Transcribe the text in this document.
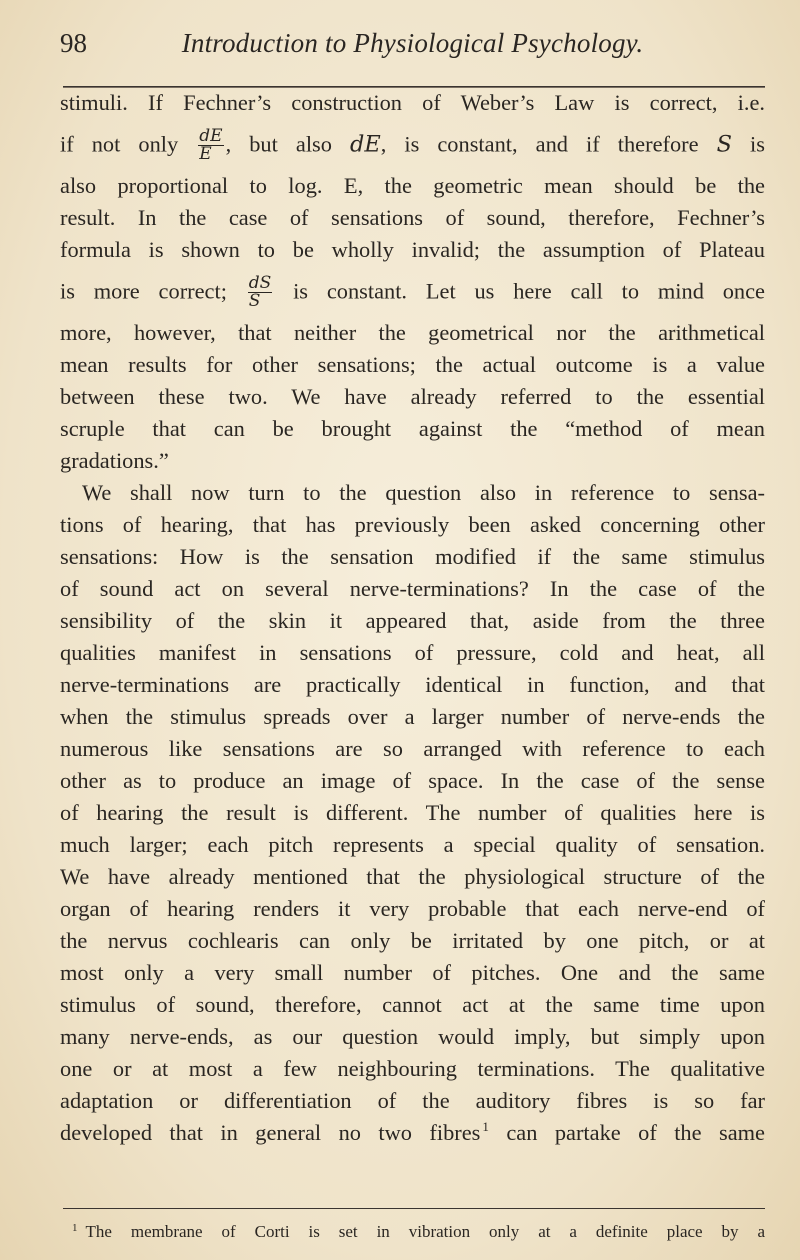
98	Introduction to Physiological Psychology.
stimuli. If Fechner’s construction of Weber’s Law is correct, i.e.
if not only $\frac{dE}{E}$ , but also dE, is constant, and if therefore S is
also proportional to log. E, the geometric mean should be the
result. In the case of sensations of sound, therefore, Fechner’s
formula is shown to be wholly invalid; the assumption of Plateau
is more correct; $\frac{dS}{S}$ is constant. Let us here call to mind once
more, however, that neither the geometrical nor the arithmetical
mean results for other sensations; the actual outcome is a value
between these two. We have already referred to the essential
scruple that can be brought against the “method of mean
gradations.”
We shall now turn to the question also in reference to sensa-
tions of hearing, that has previously been asked concerning other
sensations: How is the sensation modified if the same stimulus
of sound act on several nerve-terminations? In the case of the
sensibility of the skin it appeared that, aside from the three
qualities manifest in sensations of pressure, cold and heat, all
nerve-terminations are practically identical in function, and that
when the stimulus spreads over a larger number of nerve-ends the
numerous like sensations are so arranged with reference to each
other as to produce an image of space. In the case of the sense
of hearing the result is different. The number of qualities here is
much larger; each pitch represents a special quality of sensation.
We have already mentioned that the physiological structure of the
organ of hearing renders it very probable that each nerve-end of
the nervus cochlearis can only be irritated by one pitch, or at
most only a very small number of pitches. One and the same
stimulus of sound, therefore, cannot act at the same time upon
many nerve-ends, as our question would imply, but simply upon
one or at most a few neighbouring terminations. The qualitative
adaptation or differentiation of the auditory fibres is so far
developed that in general no two fibres $^1$ can partake of the same
$^1$ The membrane of Corti is set in vibration only at a definite place by a
